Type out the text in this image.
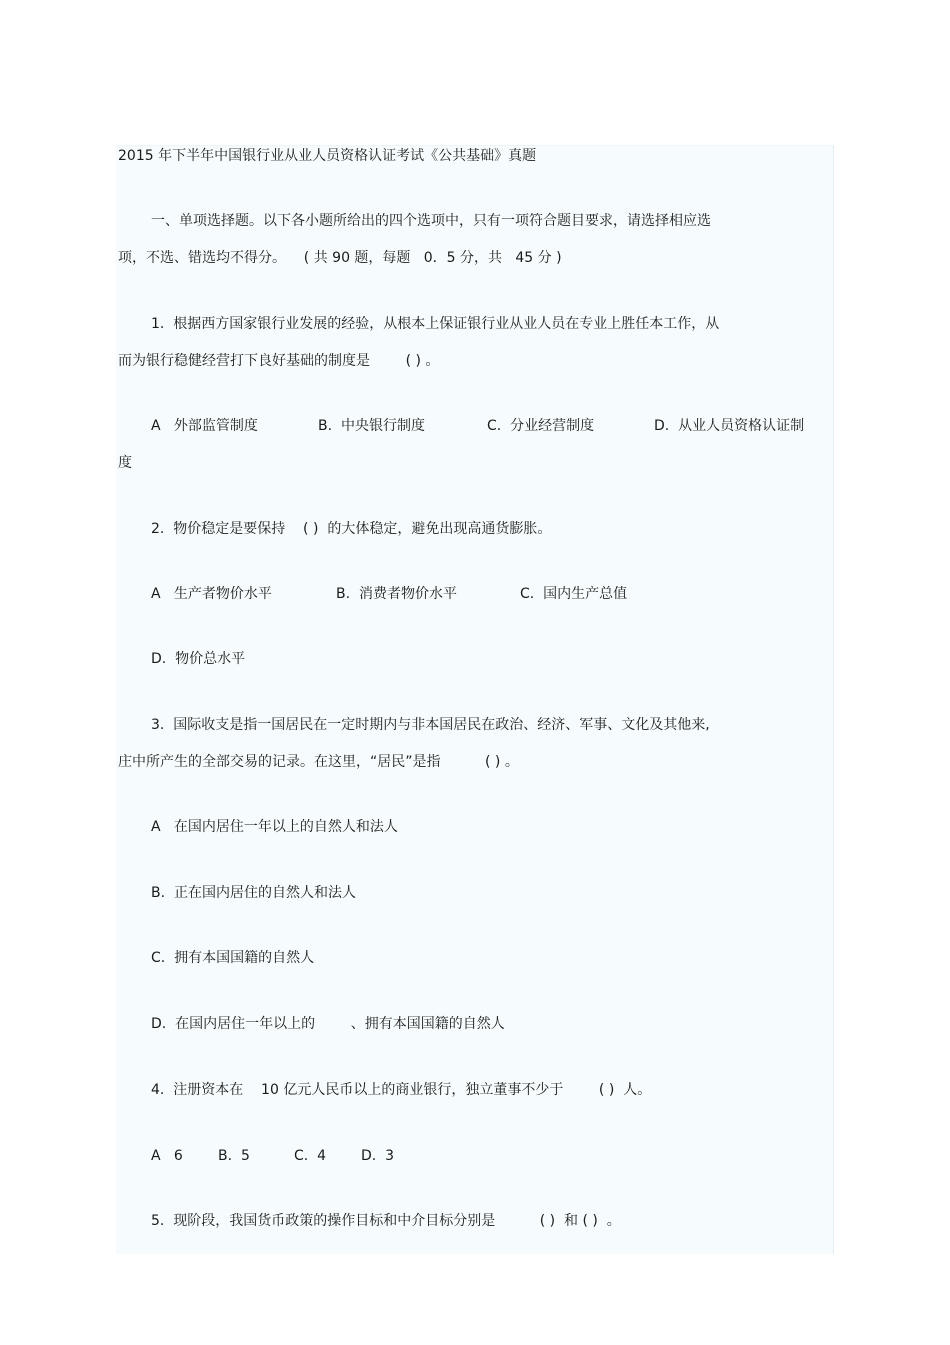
2015 年下半年中国银行业从业人员资格认证考试《公共基础》真题
一、单项选择题。以下各小题所给出的四个选项中，只有一项符合题目要求，请选择相应选
项，不选、错选均不得分。    ( 共 90 题，每题   0．5 分，共   45 分 )
1.  根据西方国家银行业发展的经验，从根本上保证银行业从业人员在专业上胜任本工作，从
而为银行稳健经营打下良好基础的制度是        ( ) 。
A   外部监管制度	B.  中央银行制度	C.  分业经营制度	D.  从业人员资格认证制
度
2.  物价稳定是要保持    ( )  的大体稳定，避免出现高通货膨胀。
A   生产者物价水平	B.  消费者物价水平	C.  国内生产总值
D.  物价总水平
3.  国际收支是指一国居民在一定时期内与非本国居民在政治、经济、军事、文化及其他来,
庄中所产生的全部交易的记录。在这里，“居民”是指          ( ) 。
A   在国内居住一年以上的自然人和法人
B.  正在国内居住的自然人和法人
C.  拥有本国国籍的自然人
D.  在国内居住一年以上的        、拥有本国国籍的自然人
4.  注册资本在    10 亿元人民币以上的商业银行，独立董事不少于        ( )  人。
A   6	B.  5	C.  4 D.  3
5.  现阶段，我国货币政策的操作目标和中介目标分别是          ( )  和 ( )  。
